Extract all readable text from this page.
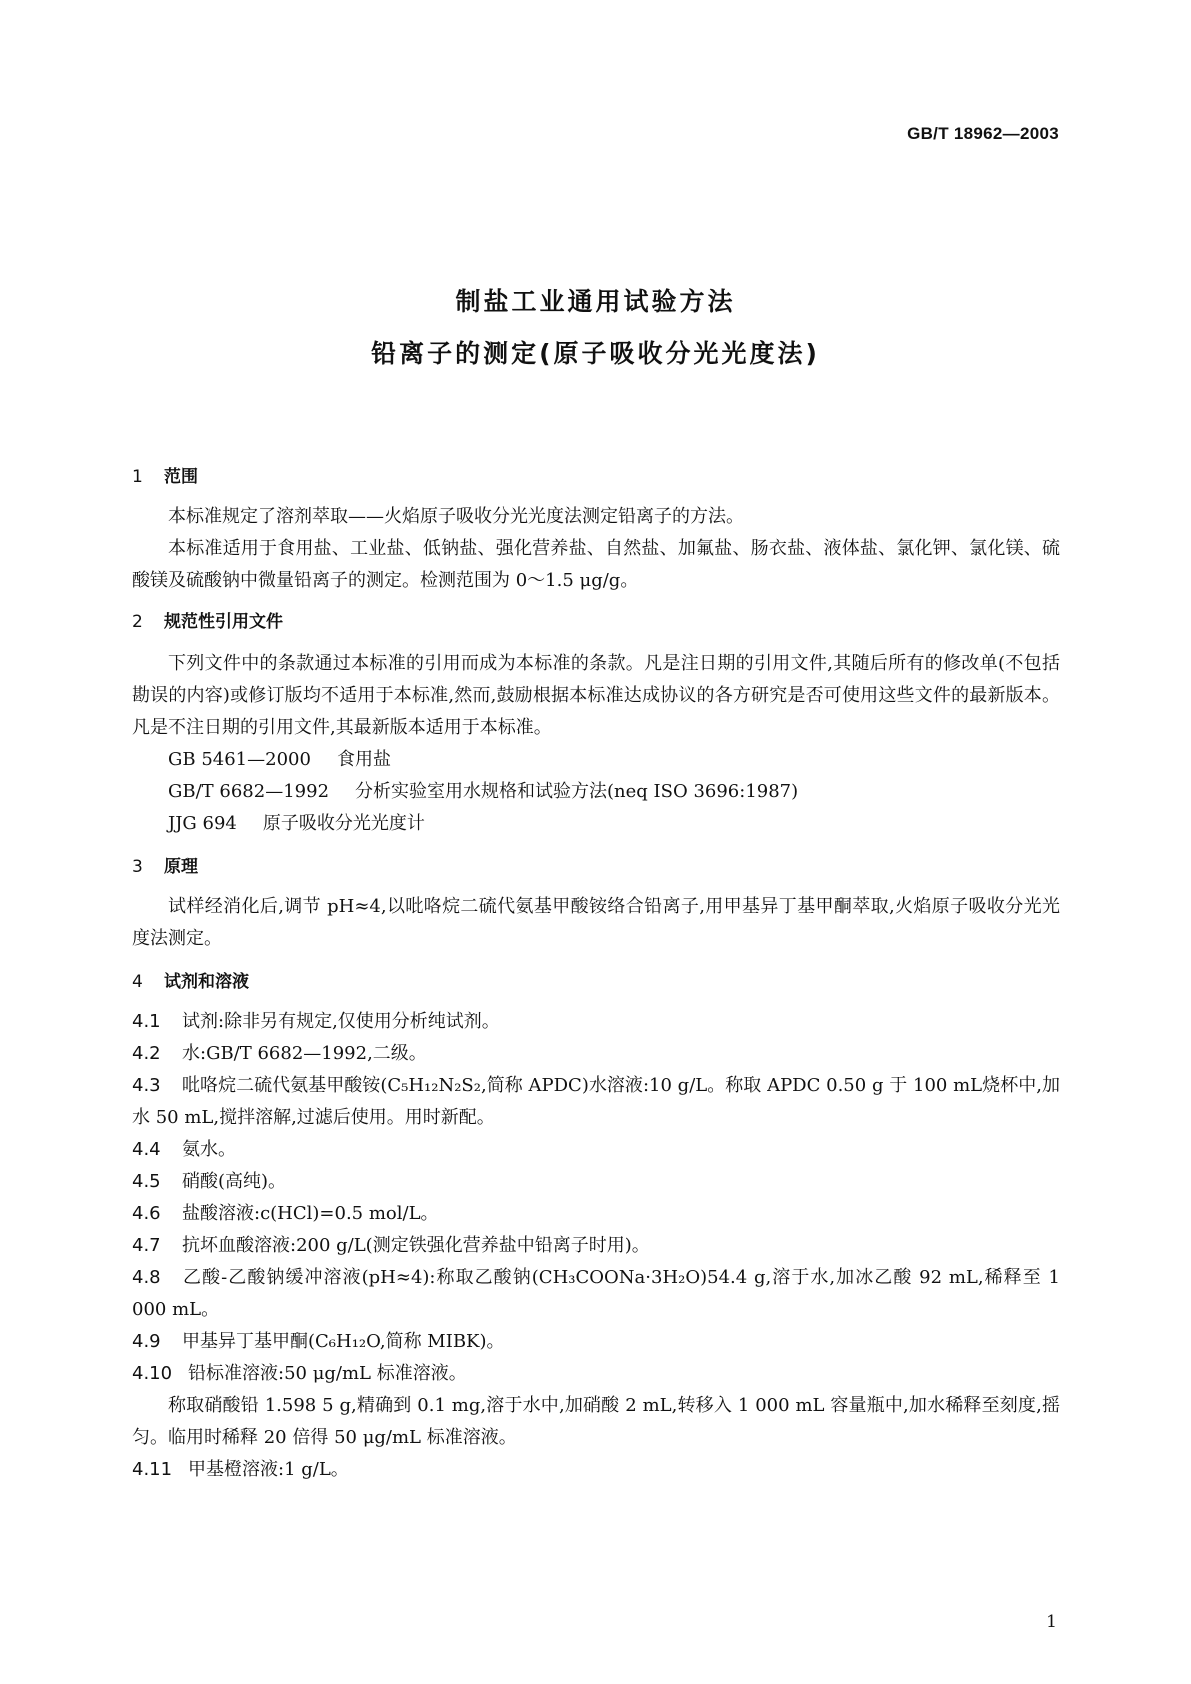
GB/T 18962—2003
制盐工业通用试验方法
铅离子的测定(原子吸收分光光度法)
1 范围

本标准规定了溶剂萃取——火焰原子吸收分光光度法测定铅离子的方法。

本标准适用于食用盐、工业盐、低钠盐、强化营养盐、自然盐、加氟盐、肠衣盐、液体盐、氯化钾、氯化镁、硫酸镁及硫酸钠中微量铅离子的测定。检测范围为 0～1.5 μg/g。

2 规范性引用文件

下列文件中的条款通过本标准的引用而成为本标准的条款。凡是注日期的引用文件,其随后所有的修改单(不包括勘误的内容)或修订版均不适用于本标准,然而,鼓励根据本标准达成协议的各方研究是否可使用这些文件的最新版本。凡是不注日期的引用文件,其最新版本适用于本标准。

GB 5461—2000 食用盐

GB/T 6682—1992 分析实验室用水规格和试验方法(neq ISO 3696:1987)

JJG 694 原子吸收分光光度计

3 原理

试样经消化后,调节 pH≈4,以吡咯烷二硫代氨基甲酸铵络合铅离子,用甲基异丁基甲酮萃取,火焰原子吸收分光光度法测定。

4 试剂和溶液

4.1 试剂:除非另有规定,仅使用分析纯试剂。

4.2 水:GB/T 6682—1992,二级。

4.3 吡咯烷二硫代氨基甲酸铵(C₅H₁₂N₂S₂,简称 APDC)水溶液:10 g/L。称取 APDC 0.50 g 于 100 mL烧杯中,加水 50 mL,搅拌溶解,过滤后使用。用时新配。

4.4 氨水。

4.5 硝酸(高纯)。

4.6 盐酸溶液:c(HCl)=0.5 mol/L。

4.7 抗坏血酸溶液:200 g/L(测定铁强化营养盐中铅离子时用)。

4.8 乙酸-乙酸钠缓冲溶液(pH≈4):称取乙酸钠(CH₃COONa·3H₂O)54.4 g,溶于水,加冰乙酸 92 mL,稀释至 1 000 mL。

4.9 甲基异丁基甲酮(C₆H₁₂O,简称 MIBK)。

4.10 铅标准溶液:50 μg/mL 标准溶液。

称取硝酸铅 1.598 5 g,精确到 0.1 mg,溶于水中,加硝酸 2 mL,转移入 1 000 mL 容量瓶中,加水稀释至刻度,摇匀。临用时稀释 20 倍得 50 μg/mL 标准溶液。

4.11 甲基橙溶液:1 g/L。

1
